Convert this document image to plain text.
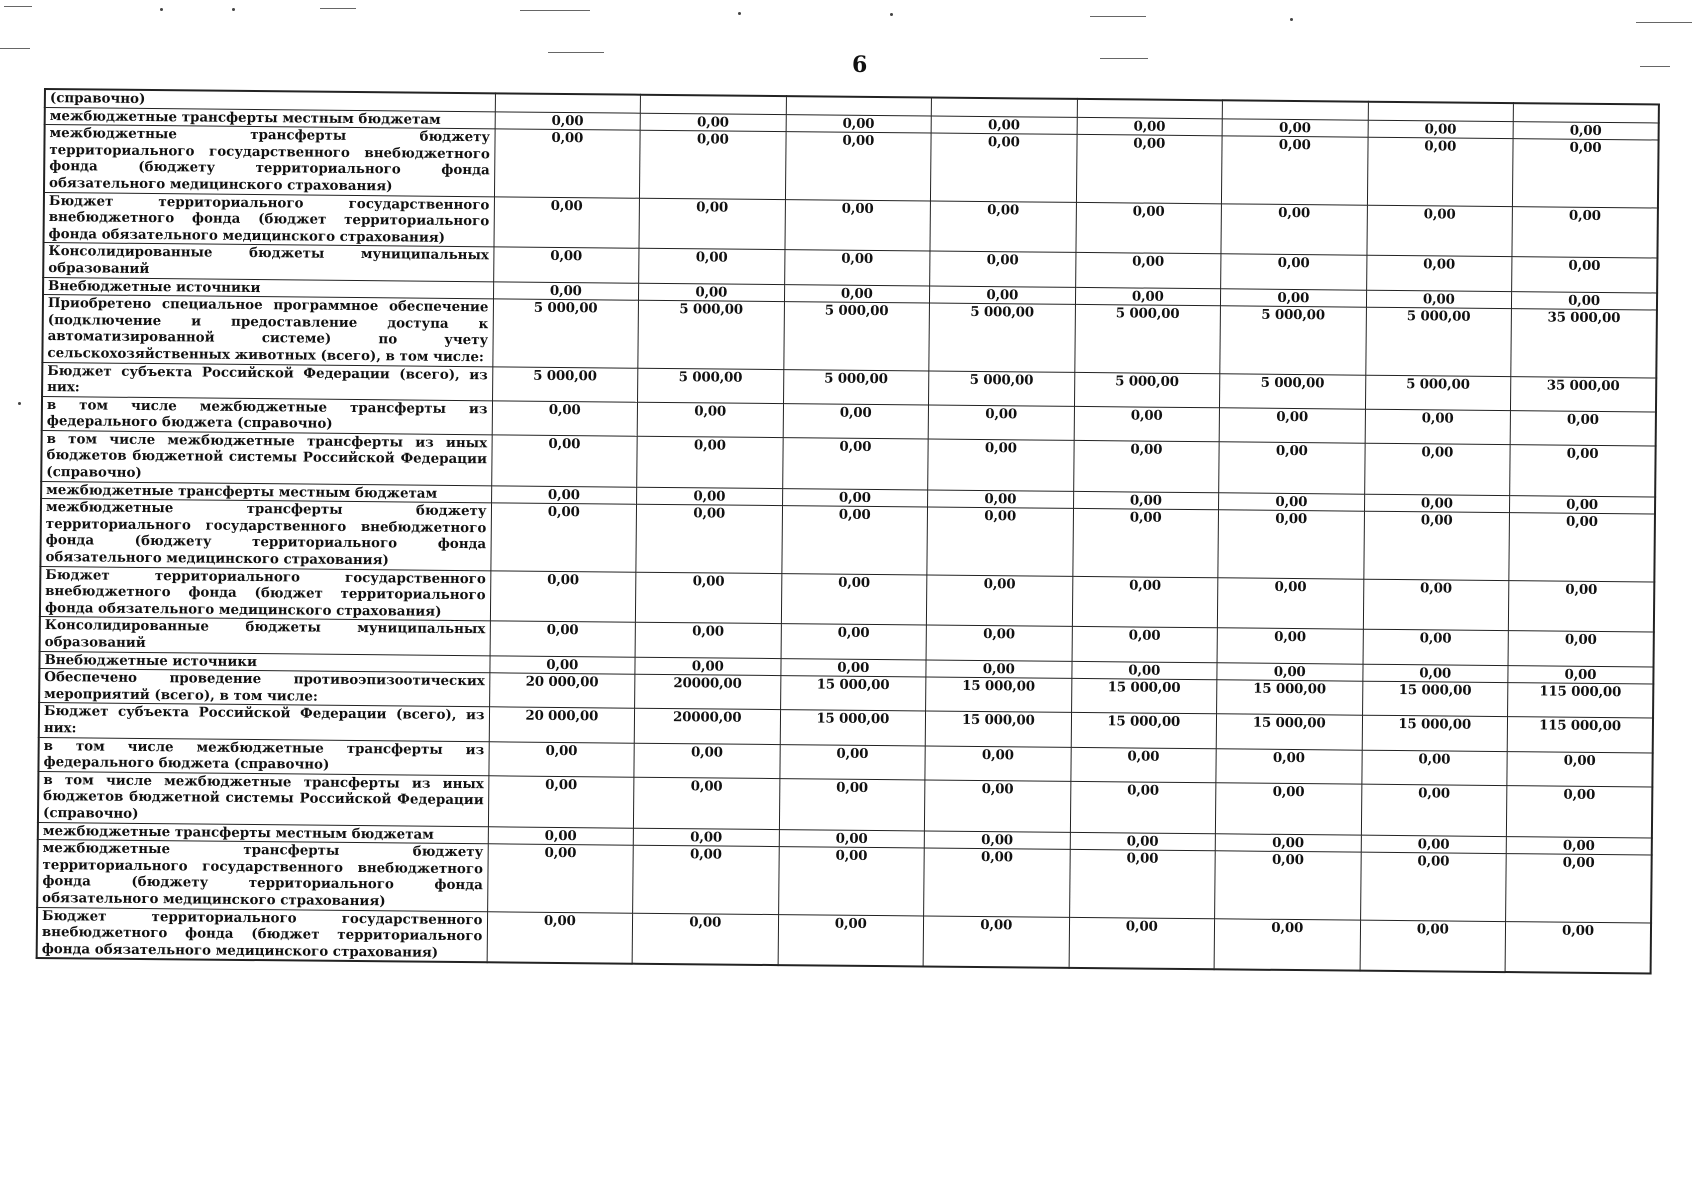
6
(справочно)								
межбюджетные трансферты местным бюджетам	0,00	0,00	0,00	0,00	0,00	0,00	0,00	0,00
межбюджетные трансферты бюджету территориального государственного внебюджетного фонда (бюджету территориального фонда обязательного медицинского страхования)	0,00	0,00	0,00	0,00	0,00	0,00	0,00	0,00
Бюджет территориального государственного внебюджетного фонда (бюджет территориального фонда обязательного медицинского страхования)	0,00	0,00	0,00	0,00	0,00	0,00	0,00	0,00
Консолидированные бюджеты муниципальных образований	0,00	0,00	0,00	0,00	0,00	0,00	0,00	0,00
Внебюджетные источники	0,00	0,00	0,00	0,00	0,00	0,00	0,00	0,00
Приобретено специальное программное обеспечение (подключение и предоставление доступа к автоматизированной системе) по учету сельскохозяйственных животных (всего), в том числе:	5 000,00	5 000,00	5 000,00	5 000,00	5 000,00	5 000,00	5 000,00	35 000,00
Бюджет субъекта Российской Федерации (всего), из них:	5 000,00	5 000,00	5 000,00	5 000,00	5 000,00	5 000,00	5 000,00	35 000,00
в том числе межбюджетные трансферты из федерального бюджета (справочно)	0,00	0,00	0,00	0,00	0,00	0,00	0,00	0,00
в том числе межбюджетные трансферты из иных бюджетов бюджетной системы Российской Федерации (справочно)	0,00	0,00	0,00	0,00	0,00	0,00	0,00	0,00
межбюджетные трансферты местным бюджетам	0,00	0,00	0,00	0,00	0,00	0,00	0,00	0,00
межбюджетные трансферты бюджету территориального государственного внебюджетного фонда (бюджету территориального фонда обязательного медицинского страхования)	0,00	0,00	0,00	0,00	0,00	0,00	0,00	0,00
Бюджет территориального государственного внебюджетного фонда (бюджет территориального фонда обязательного медицинского страхования)	0,00	0,00	0,00	0,00	0,00	0,00	0,00	0,00
Консолидированные бюджеты муниципальных образований	0,00	0,00	0,00	0,00	0,00	0,00	0,00	0,00
Внебюджетные источники	0,00	0,00	0,00	0,00	0,00	0,00	0,00	0,00
Обеспечено проведение противоэпизоотических мероприятий (всего), в том числе:	20 000,00	20000,00	15 000,00	15 000,00	15 000,00	15 000,00	15 000,00	115 000,00
Бюджет субъекта Российской Федерации (всего), из них:	20 000,00	20000,00	15 000,00	15 000,00	15 000,00	15 000,00	15 000,00	115 000,00
в том числе межбюджетные трансферты из федерального бюджета (справочно)	0,00	0,00	0,00	0,00	0,00	0,00	0,00	0,00
в том числе межбюджетные трансферты из иных бюджетов бюджетной системы Российской Федерации (справочно)	0,00	0,00	0,00	0,00	0,00	0,00	0,00	0,00
межбюджетные трансферты местным бюджетам	0,00	0,00	0,00	0,00	0,00	0,00	0,00	0,00
межбюджетные трансферты бюджету территориального государственного внебюджетного фонда (бюджету территориального фонда обязательного медицинского страхования)	0,00	0,00	0,00	0,00	0,00	0,00	0,00	0,00
Бюджет территориального государственного внебюджетного фонда (бюджет территориального фонда обязательного медицинского страхования)	0,00	0,00	0,00	0,00	0,00	0,00	0,00	0,00
